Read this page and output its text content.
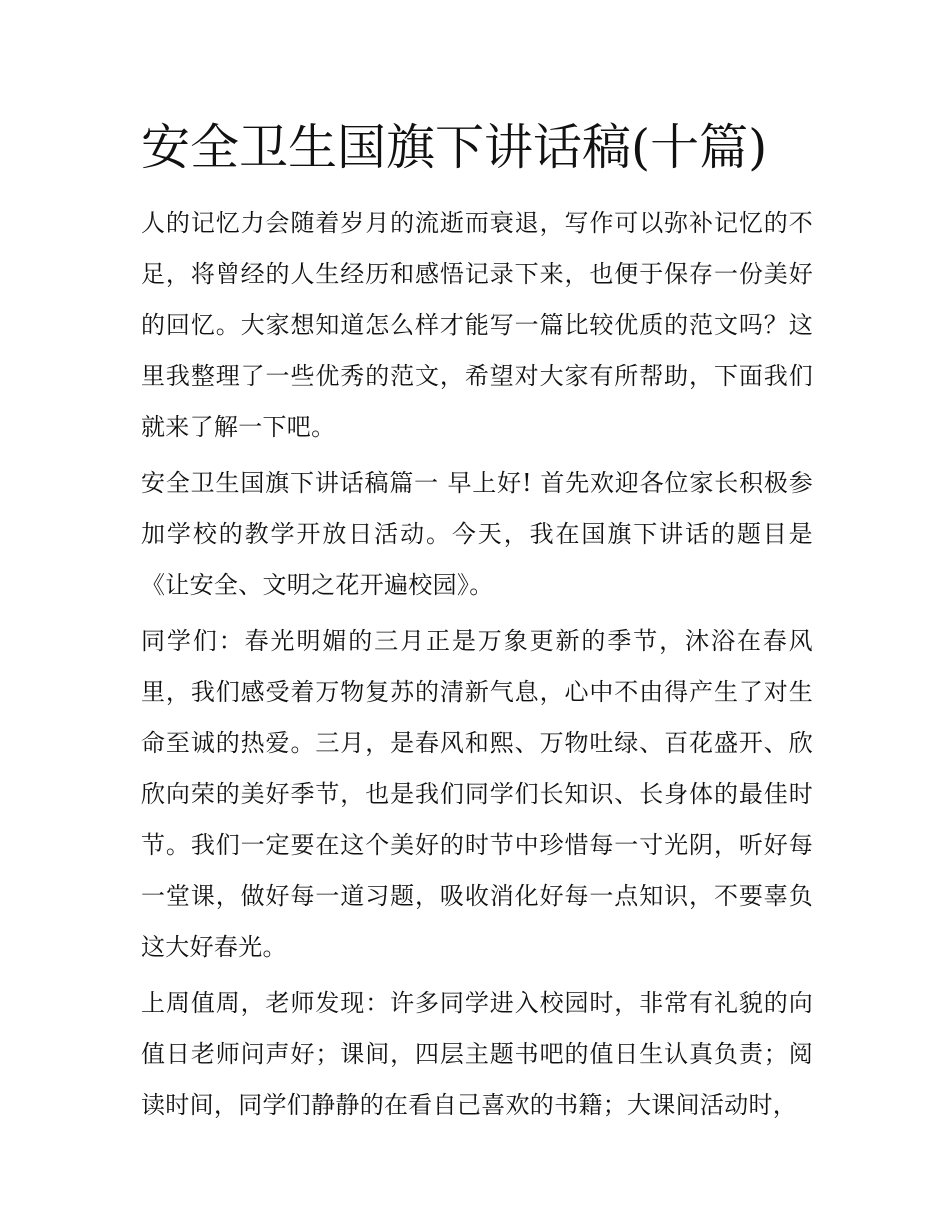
安全卫生国旗下讲话稿(十篇)

人的记忆力会随着岁月的流逝而衰退，写作可以弥补记忆的不足，将曾经的人生经历和感悟记录下来，也便于保存一份美好的回忆。大家想知道怎么样才能写一篇比较优质的范文吗？这里我整理了一些优秀的范文，希望对大家有所帮助，下面我们就来了解一下吧。

安全卫生国旗下讲话稿篇一 早上好! 首先欢迎各位家长积极参加学校的教学开放日活动。今天，我在国旗下讲话的题目是《让安全、文明之花开遍校园》。

同学们：春光明媚的三月正是万象更新的季节，沐浴在春风里，我们感受着万物复苏的清新气息，心中不由得产生了对生命至诚的热爱。三月，是春风和熙、万物吐绿、百花盛开、欣欣向荣的美好季节，也是我们同学们长知识、长身体的最佳时节。我们一定要在这个美好的时节中珍惜每一寸光阴，听好每一堂课，做好每一道习题，吸收消化好每一点知识，不要辜负这大好春光。

上周值周，老师发现：许多同学进入校园时，非常有礼貌的向值日老师问声好；课间，四层主题书吧的值日生认真负责；阅读时间，同学们静静的在看自己喜欢的书籍；大课间活动时，
